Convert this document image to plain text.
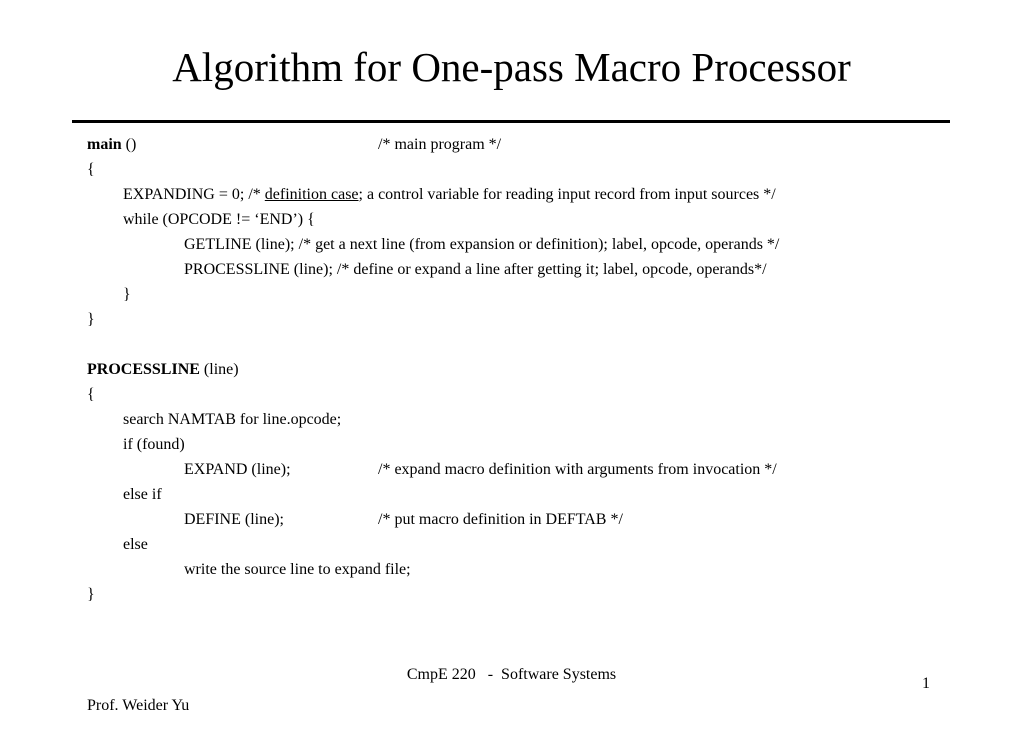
Algorithm for One-pass Macro Processor
main ()	/* main program */
{
EXPANDING = 0; /* definition case; a control variable for reading input record from input sources */
while (OPCODE != ‘END’) {
GETLINE (line); /* get a next line (from expansion or definition); label, opcode, operands */
PROCESSLINE (line); /* define or expand a line after getting it; label, opcode, operands*/
}
}
PROCESSLINE (line)
{
search NAMTAB for line.opcode;
if (found)
EXPAND (line);	/* expand macro definition with arguments from invocation */
else if
DEFINE (line);	/* put macro definition in DEFTAB */
else
write the source line to expand file;
}
CmpE 220   -  Software Systems
1
Prof. Weider Yu
